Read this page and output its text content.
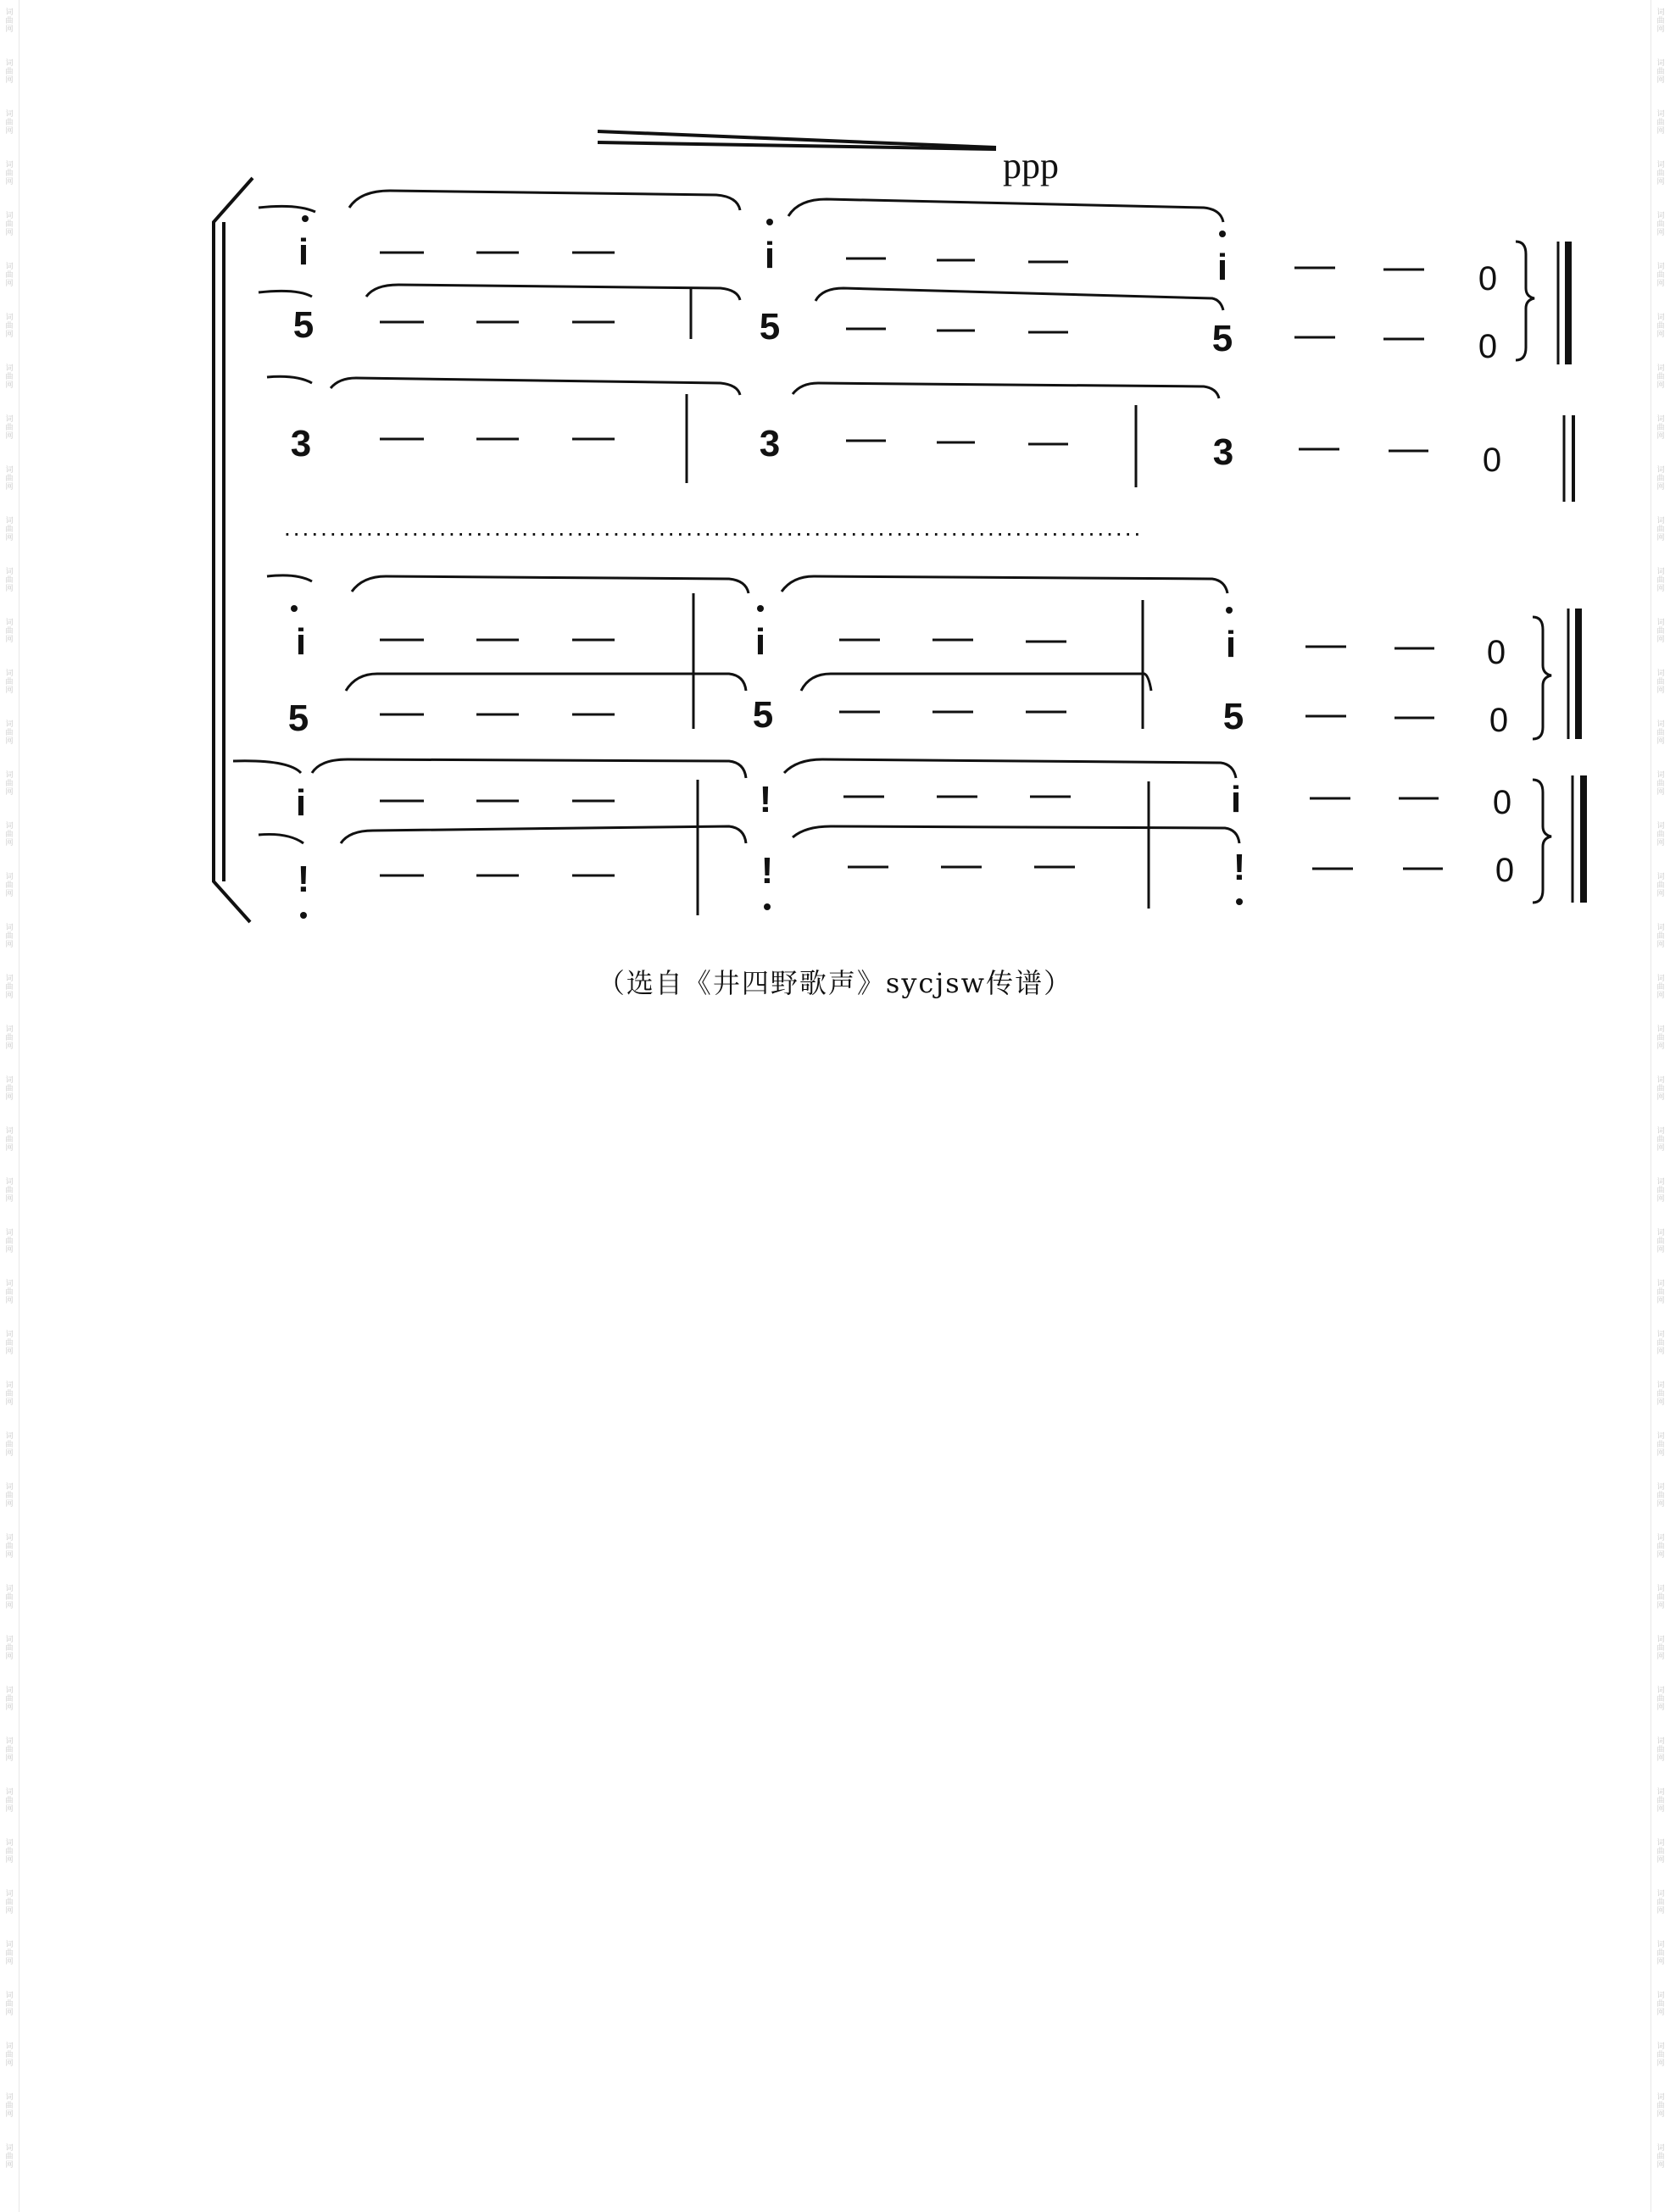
词
曲
网
词
曲
网
词
曲
网
词
曲
网
词
曲
网
词
曲
网
词
曲
网
词
曲
网
词
曲
网
词
曲
网
词
曲
网
词
曲
网
词
曲
网
词
曲
网
词
曲
网
词
曲
网
词
曲
网
词
曲
网
词
曲
网
词
曲
网
词
曲
网
词
曲
网
词
曲
网
词
曲
网
词
曲
网
词
曲
网
词
曲
网
词
曲
网
词
曲
网
词
曲
网
词
曲
网
词
曲
网
词
曲
网
词
曲
网
词
曲
网
词
曲
网
词
曲
网
词
曲
网
词
曲
网
词
曲
网
词
曲
网
词
曲
网
词
曲
网
词
曲
网
词
曲
网
词
曲
网
词
曲
网
词
曲
网
词
曲
网
词
曲
网
词
曲
网
词
曲
网
词
曲
网
词
曲
网
词
曲
网
词
曲
网
词
曲
网
词
曲
网
词
曲
网
词
曲
网
词
曲
网
词
曲
网
词
曲
网
词
曲
网
词
曲
网
词
曲
网
词
曲
网
词
曲
网
词
曲
网
词
曲
网
词
曲
网
词
曲
网
词
曲
网
词
曲
网
词
曲
网
词
曲
网
词
曲
网
词
曲
网
词
曲
网
词
曲
网
词
曲
网
词
曲
网
词
曲
网
词
曲
网
词
曲
网
词
曲
网
ppp
i	i	i	0
5	5	5	0
3	3	3	0
i	i	i	0
5	5	5	0
i	!	i	0
!	!	!	0
..............................................................................................
（选自《井四野歌声》sycjsw传谱）
